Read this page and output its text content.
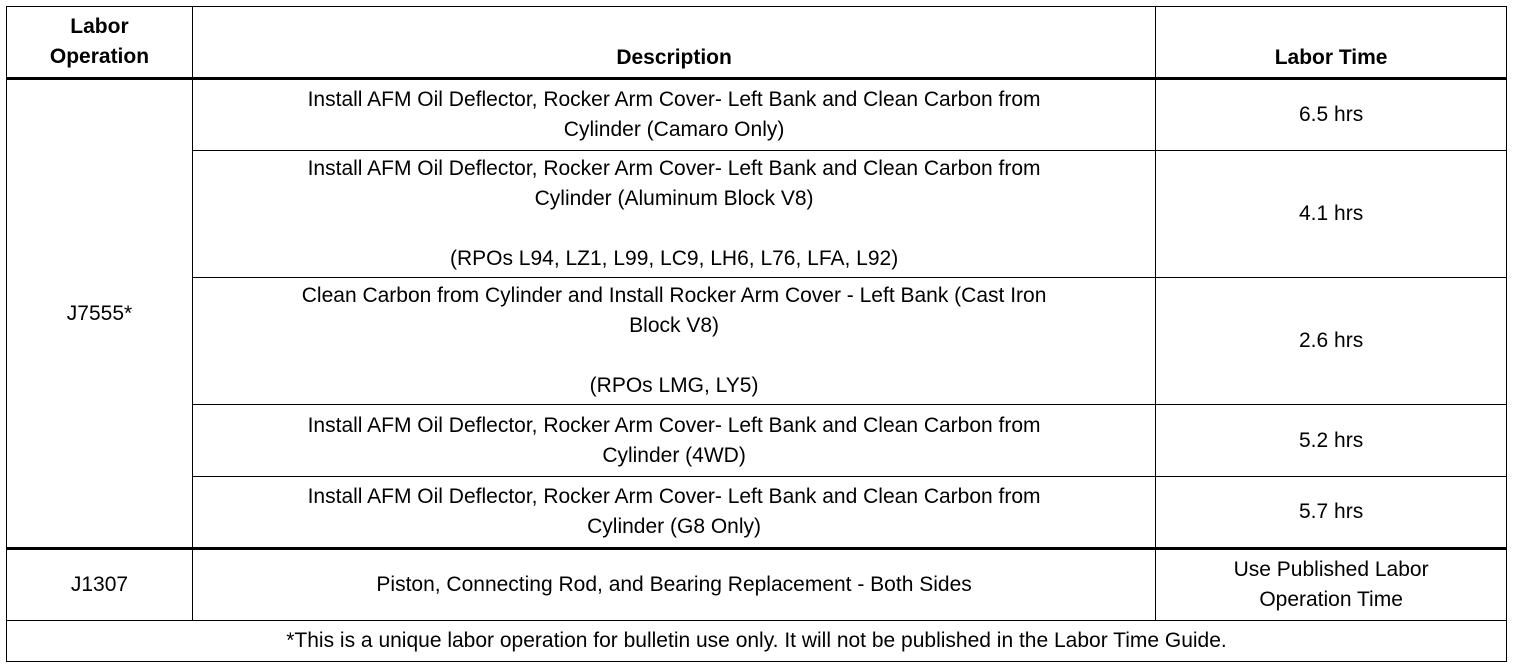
Labor
Operation	Description	Labor Time
J7555*	Install AFM Oil Deflector, Rocker Arm Cover- Left Bank and Clean Carbon from
Cylinder (Camaro Only)	6.5 hrs

	Install AFM Oil Deflector, Rocker Arm Cover- Left Bank and Clean Carbon from
Cylinder (Aluminum Block V8)
(RPOs L94, LZ1, L99, LC9, LH6, L76, LFA, L92)	4.1 hrs

	Clean Carbon from Cylinder and Install Rocker Arm Cover - Left Bank (Cast Iron
Block V8)
(RPOs LMG, LY5)	2.6 hrs

	Install AFM Oil Deflector, Rocker Arm Cover- Left Bank and Clean Carbon from
Cylinder (4WD)	5.2 hrs

	Install AFM Oil Deflector, Rocker Arm Cover- Left Bank and Clean Carbon from
Cylinder (G8 Only)	5.7 hrs
J1307	Piston, Connecting Rod, and Bearing Replacement - Both Sides	Use Published Labor
Operation Time

*This is a unique labor operation for bulletin use only. It will not be published in the Labor Time Guide.		
